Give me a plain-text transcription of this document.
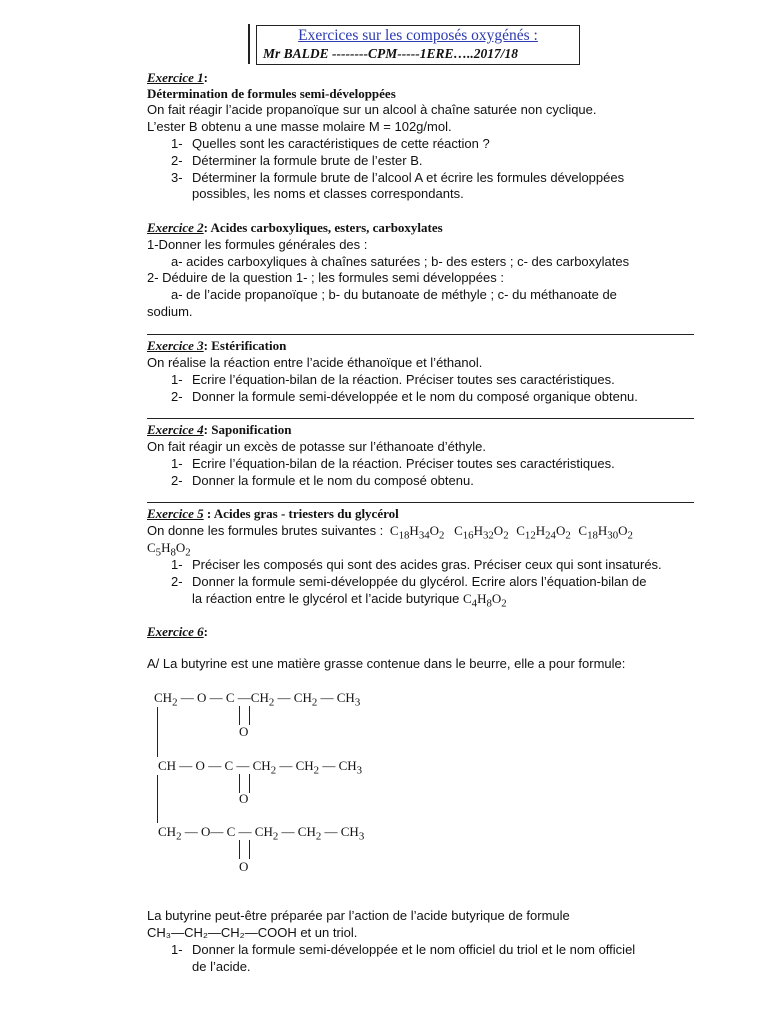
Exercices sur les composés oxygénés :
Mr BALDE --------CPM-----1ERE…..2017/18
Exercice 1:
Détermination de formules semi-développées
On fait réagir l’acide propanoïque sur un alcool à chaîne saturée non cyclique.
L’ester B obtenu a une masse molaire M = 102g/mol.
1- Quelles sont les caractéristiques de cette réaction ?
2- Déterminer la formule brute de l’ester B.
3- Déterminer la formule brute de l’alcool A et écrire les formules développées
possibles, les noms et classes correspondants.
Exercice 2: Acides carboxyliques, esters, carboxylates
1-Donner les formules générales des :
a- acides carboxyliques à chaînes saturées ; b- des esters ; c- des carboxylates
2- Déduire de la question 1- ; les formules semi développées :
a- de l’acide propanoïque ; b- du butanoate de méthyle ; c- du méthanoate de
sodium.
Exercice 3: Estérification
On réalise la réaction entre l’acide éthanoïque et l’éthanol.
1- Ecrire l’équation-bilan de la réaction. Préciser toutes ses caractéristiques.
2- Donner la formule semi-développée et le nom du composé organique obtenu.
Exercice 4: Saponification
On fait réagir un excès de potasse sur l’éthanoate d’éthyle.
1- Ecrire l’équation-bilan de la réaction. Préciser toutes ses caractéristiques.
2- Donner la formule et le nom du composé obtenu.
Exercice 5 : Acides gras - triesters du glycérol
On donne les formules brutes suivantes : $C_{18}H_{34}O_2$ $C_{16}H_{32}O_2$ $C_{12}H_{24}O_2$ $C_{18}H_{30}O_2$
$C_5H_8O_2$
1- Préciser les composés qui sont des acides gras. Préciser ceux qui sont insaturés.
2- Donner la formule semi-développée du glycérol. Ecrire alors l’équation-bilan de
la réaction entre le glycérol et l’acide butyrique $C_4H_8O_2$
Exercice 6:
A/ La butyrine est une matière grasse contenue dans le beurre, elle a pour formule:
$CH_2$ — O — C $—CH_2$ — $CH_2$ — $CH_3$
O
CH — O — C — $CH_2$ — $CH_2$ — $CH_3$
O
$CH_2$ — O— C — $CH_2$ — $CH_2$ — $CH_3$
O
La butyrine peut-être préparée par l’action de l’acide butyrique de formule
CH₃—CH₂—CH₂—COOH et un triol.
1- Donner la formule semi-développée et le nom officiel du triol et le nom officiel
de l’acide.
